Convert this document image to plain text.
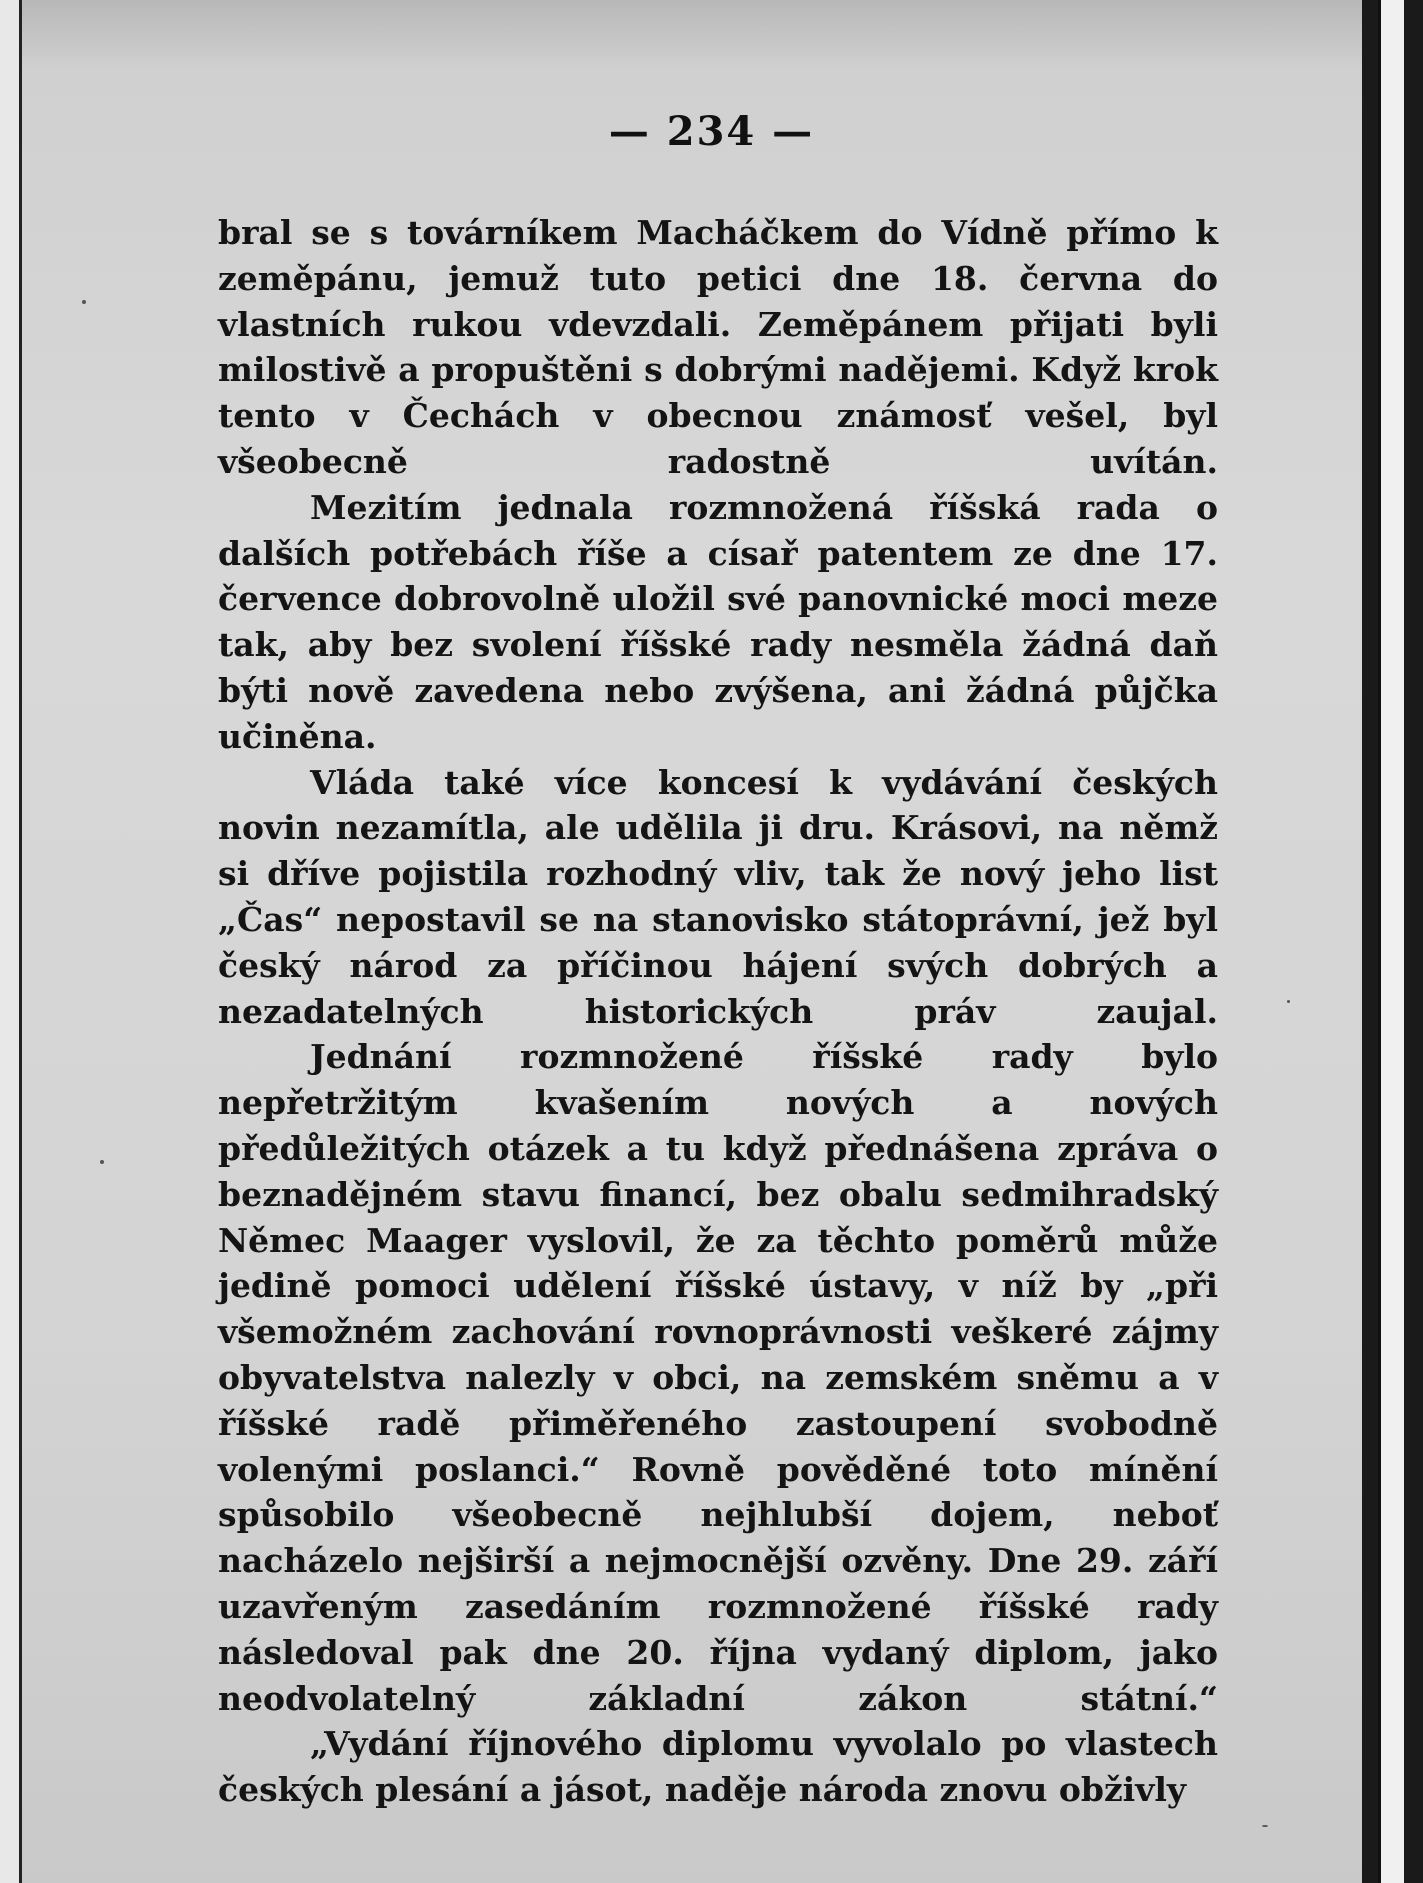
— 234 —

bral se s továrníkem Macháčkem do Vídně přímo k zeměpánu, jemuž tuto petici dne 18. června do vlastních rukou vdevzdali. Zeměpánem přijati byli milostivě a propuštěni s dobrými nadějemi. Když krok tento v Čechách v obecnou známosť vešel, byl všeobecně radostně uvítán.

Mezitím jednala rozmnožená říšská rada o dalších potřebách říše a císař patentem ze dne 17. července dobrovolně uložil své panovnické moci meze tak, aby bez svolení říšské rady nesměla žádná daň býti nově zavedena nebo zvýšena, ani žádná půjčka učiněna.

Vláda také více koncesí k vydávání českých novin nezamítla, ale udělila ji dru. Krásovi, na němž si dříve pojistila rozhodný vliv, tak že nový jeho list „Čas“ nepostavil se na stanovisko státoprávní, jež byl český národ za příčinou hájení svých dobrých a nezadatelných historických práv zaujal.

Jednání rozmnožené říšské rady bylo nepřetržitým kvašením nových a nových předůležitých otázek a tu když přednášena zpráva o beznadějném stavu financí, bez obalu sedmihradský Němec Maager vyslovil, že za těchto poměrů může jedině pomoci udělení říšské ústavy, v níž by „při všemožném zachování rovnoprávnosti veškeré zájmy obyvatelstva nalezly v obci, na zemském sněmu a v říšské radě přiměřeného zastoupení svobodně volenými poslanci.“ Rovně pověděné toto mínění spůsobilo všeobecně nejhlubší dojem, neboť nacházelo nejširší a nejmocnější ozvěny. Dne 29. září uzavřeným zasedáním rozmnožené říšské rady následoval pak dne 20. října vydaný diplom, jako neodvolatelný základní zákon státní.“

„Vydání říjnového diplomu vyvolalo po vlastech českých plesání a jásot, naděje národa znovu obživly
